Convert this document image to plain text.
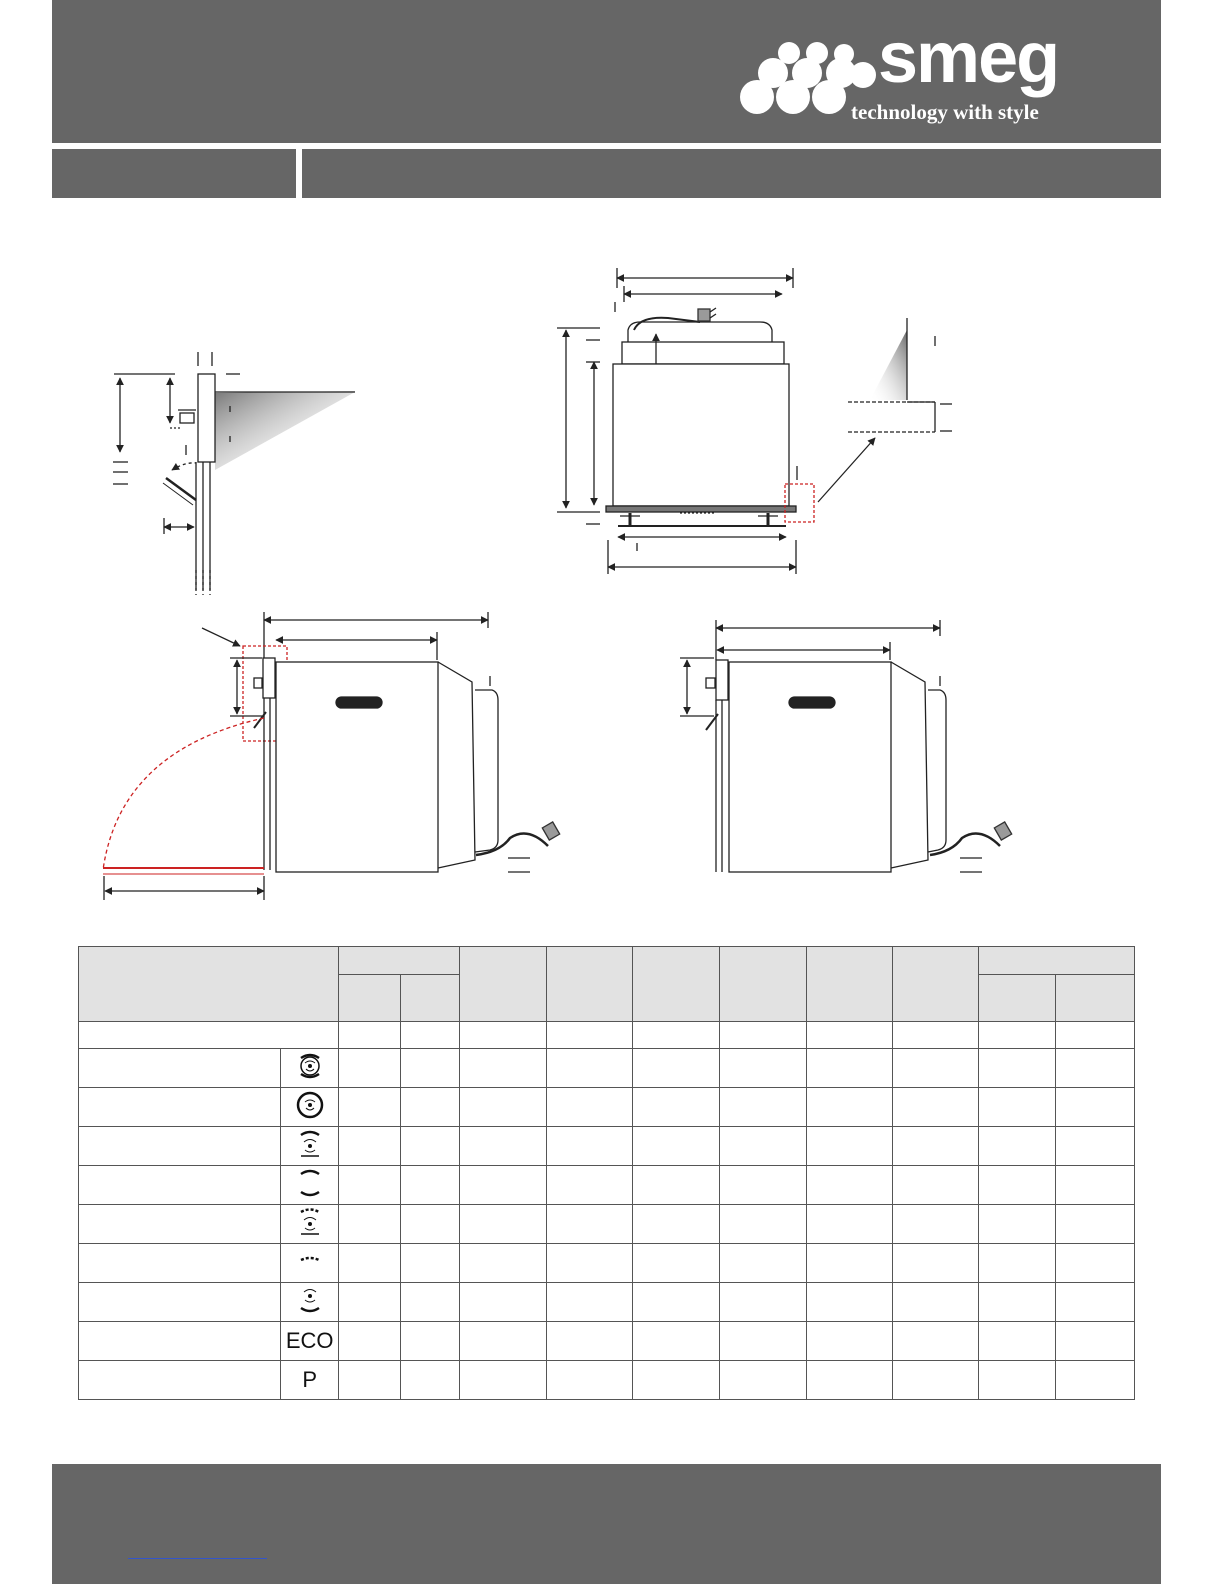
smeg
technology with style

	ECO										
	P										
